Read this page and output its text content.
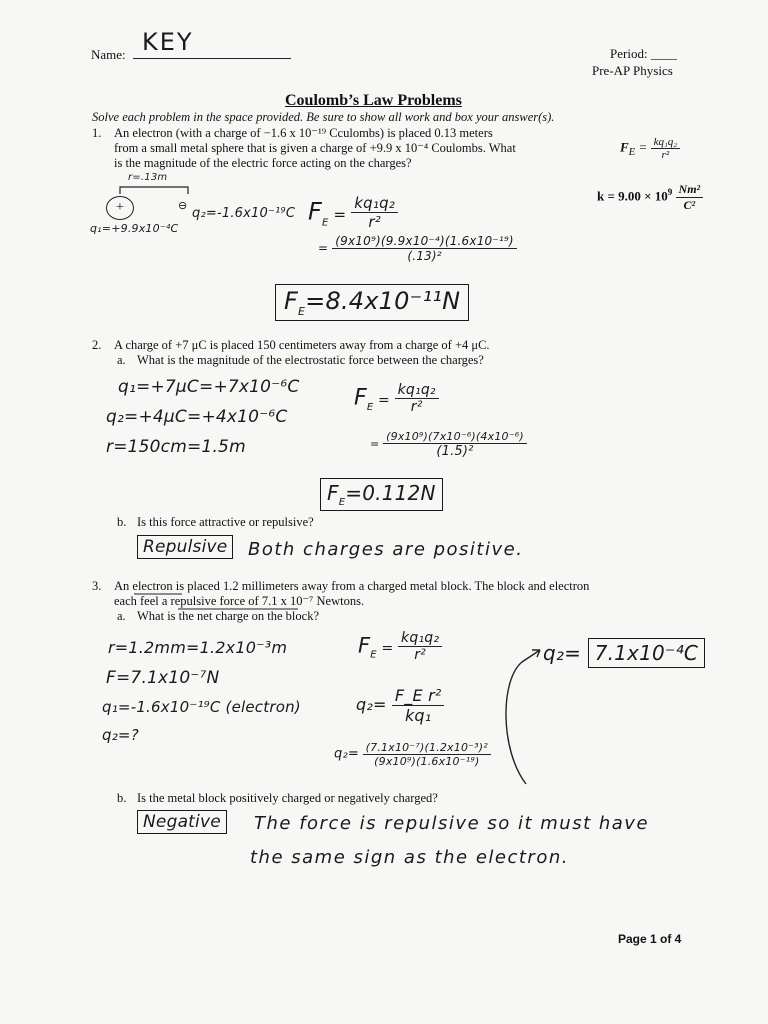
Name: KEY	Period: ____
Pre-AP Physics
Coulomb’s Law Problems
Solve each problem in the space provided. Be sure to show all work and box your answer(s).
$F_E = \frac{\text{kq₁q₂}}{\text{r²}}$
$k = 9.00 \times 10^9 \frac{\text{Nm²}}{\text{C²}}$
1. An electron (with a charge of −1.6 x 10⁻¹⁹ Cculombs) is placed 0.13 meters
from a small metal sphere that is given a charge of +9.9 x 10⁻⁴ Coulombs. What
is the magnitude of the electric force acting on the charges?
r=.13m
+
q₁=+9.9x10⁻⁴C
⊖ q₂=-1.6x10⁻¹⁹C $F_E = \frac{\text{kq₁q₂}}{\text{r²}}$
= $\frac{\text{(9x10⁹)(9.9x10⁻⁴)(1.6x10⁻¹⁹)}}{\text{(.13)²}}$
$F_E=8.4x10^{-11}N$
2. A charge of +7 μC is placed 150 centimeters away from a charge of +4 μC.
a. What is the magnitude of the electrostatic force between the charges?
q₁=+7μC=+7x10⁻⁶C
q₂=+4μC=+4x10⁻⁶C
r=150cm=1.5m
$F_E = \frac{\text{kq₁q₂}}{\text{r²}}$
= $\frac{\text{(9x10⁹)(7x10⁻⁶)(4x10⁻⁶)}}{\text{(1.5)²}}$
$F_E=0.112N$
b. Is this force attractive or repulsive?
Repulsive	Both charges are positive.
3. An electron is placed 1.2 millimeters away from a charged metal block. The block and electron
each feel a repulsive force of 7.1 x 10⁻⁷ Newtons.
a. What is the net charge on the block?
r=1.2mm=1.2x10⁻³m
F=7.1x10⁻⁷N
q₁=-1.6x10⁻¹⁹C (electron)
q₂=?
$F_E = \frac{\text{kq₁q₂}}{\text{r²}}$
$q_2= \frac{\text{F\_E r²}}{\text{kq₁}}$
$q_2= \frac{\text{(7.1x10⁻⁷)(1.2x10⁻³)²}}{\text{(9x10⁹)(1.6x10⁻¹⁹)}}$
q₂= 7.1x10⁻⁴C
b. Is the metal block positively charged or negatively charged?
Negative	The force is repulsive so it must have
the same sign as the electron.
Page 1 of 4
